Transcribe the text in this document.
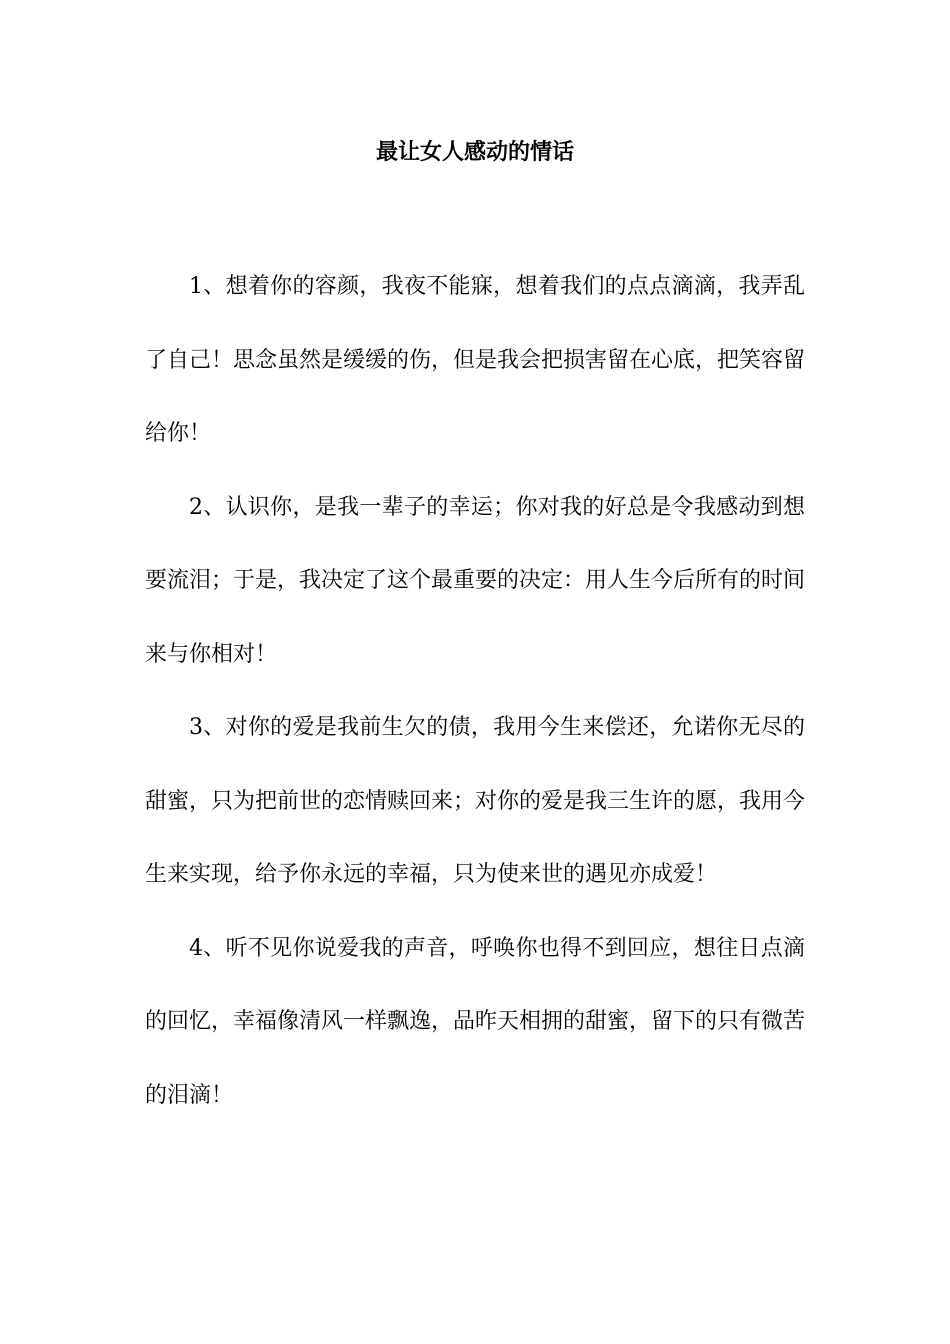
最让女人感动的情话

1、想着你的容颜，我夜不能寐，想着我们的点点滴滴，我弄乱了自己！思念虽然是缓缓的伤，但是我会把损害留在心底，把笑容留给你！

2、认识你，是我一辈子的幸运；你对我的好总是令我感动到想要流泪；于是，我决定了这个最重要的决定：用人生今后所有的时间来与你相对！

3、对你的爱是我前生欠的债，我用今生来偿还，允诺你无尽的甜蜜，只为把前世的恋情赎回来；对你的爱是我三生许的愿，我用今生来实现，给予你永远的幸福，只为使来世的遇见亦成爱！

4、听不见你说爱我的声音，呼唤你也得不到回应，想往日点滴的回忆，幸福像清风一样飘逸，品昨天相拥的甜蜜，留下的只有微苦的泪滴！
